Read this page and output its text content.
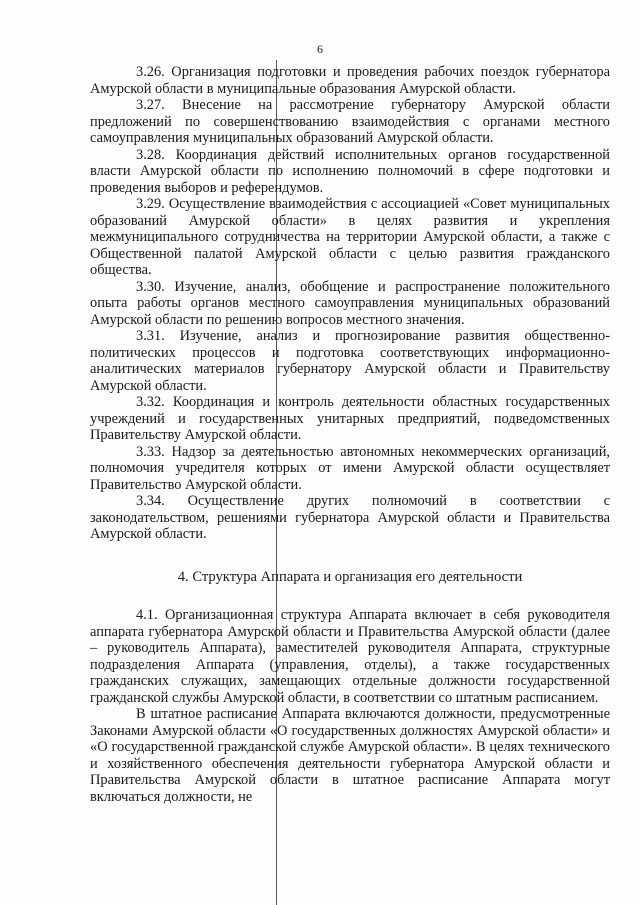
6

3.26. Организация подготовки и проведения рабочих поездок губернатора Амурской области в муниципальные образования Амурской области.

3.27. Внесение на рассмотрение губернатору Амурской области предложений по совершенствованию взаимодействия с органами местного самоуправления муниципальных образований Амурской области.

3.28. Координация действий исполнительных органов государственной власти Амурской области по исполнению полномочий в сфере подготовки и проведения выборов и референдумов.

3.29. Осуществление взаимодействия с ассоциацией «Совет муниципальных образований Амурской области» в целях развития и укрепления межмуниципального сотрудничества на территории Амурской области, а также с Общественной палатой Амурской области с целью развития гражданского общества.

3.30. Изучение, анализ, обобщение и распространение положительного опыта работы органов местного самоуправления муниципальных образований Амурской области по решению вопросов местного значения.

3.31. Изучение, анализ и прогнозирование развития общественно-политических процессов и подготовка соответствующих информационно-аналитических материалов губернатору Амурской области и Правительству Амурской области.

3.32. Координация и контроль деятельности областных государственных учреждений и государственных унитарных предприятий, подведомственных Правительству Амурской области.

3.33. Надзор за деятельностью автономных некоммерческих организаций, полномочия учредителя которых от имени Амурской области осуществляет Правительство Амурской области.

3.34. Осуществление других полномочий в соответствии с законодательством, решениями губернатора Амурской области и Правительства Амурской области.

4. Структура Аппарата и организация его деятельности

4.1. Организационная структура Аппарата включает в себя руководителя аппарата губернатора Амурской области и Правительства Амурской области (далее – руководитель Аппарата), заместителей руководителя Аппарата, структурные подразделения Аппарата (управления, отделы), а также государственных гражданских служащих, замещающих отдельные должности государственной гражданской службы Амурской области, в соответствии со штатным расписанием.

В штатное расписание Аппарата включаются должности, предусмотренные Законами Амурской области «О государственных должностях Амурской области» и «О государственной гражданской службе Амурской области». В целях технического и хозяйственного обеспечения деятельности губернатора Амурской области и Правительства Амурской области в штатное расписание Аппарата могут включаться должности, не
